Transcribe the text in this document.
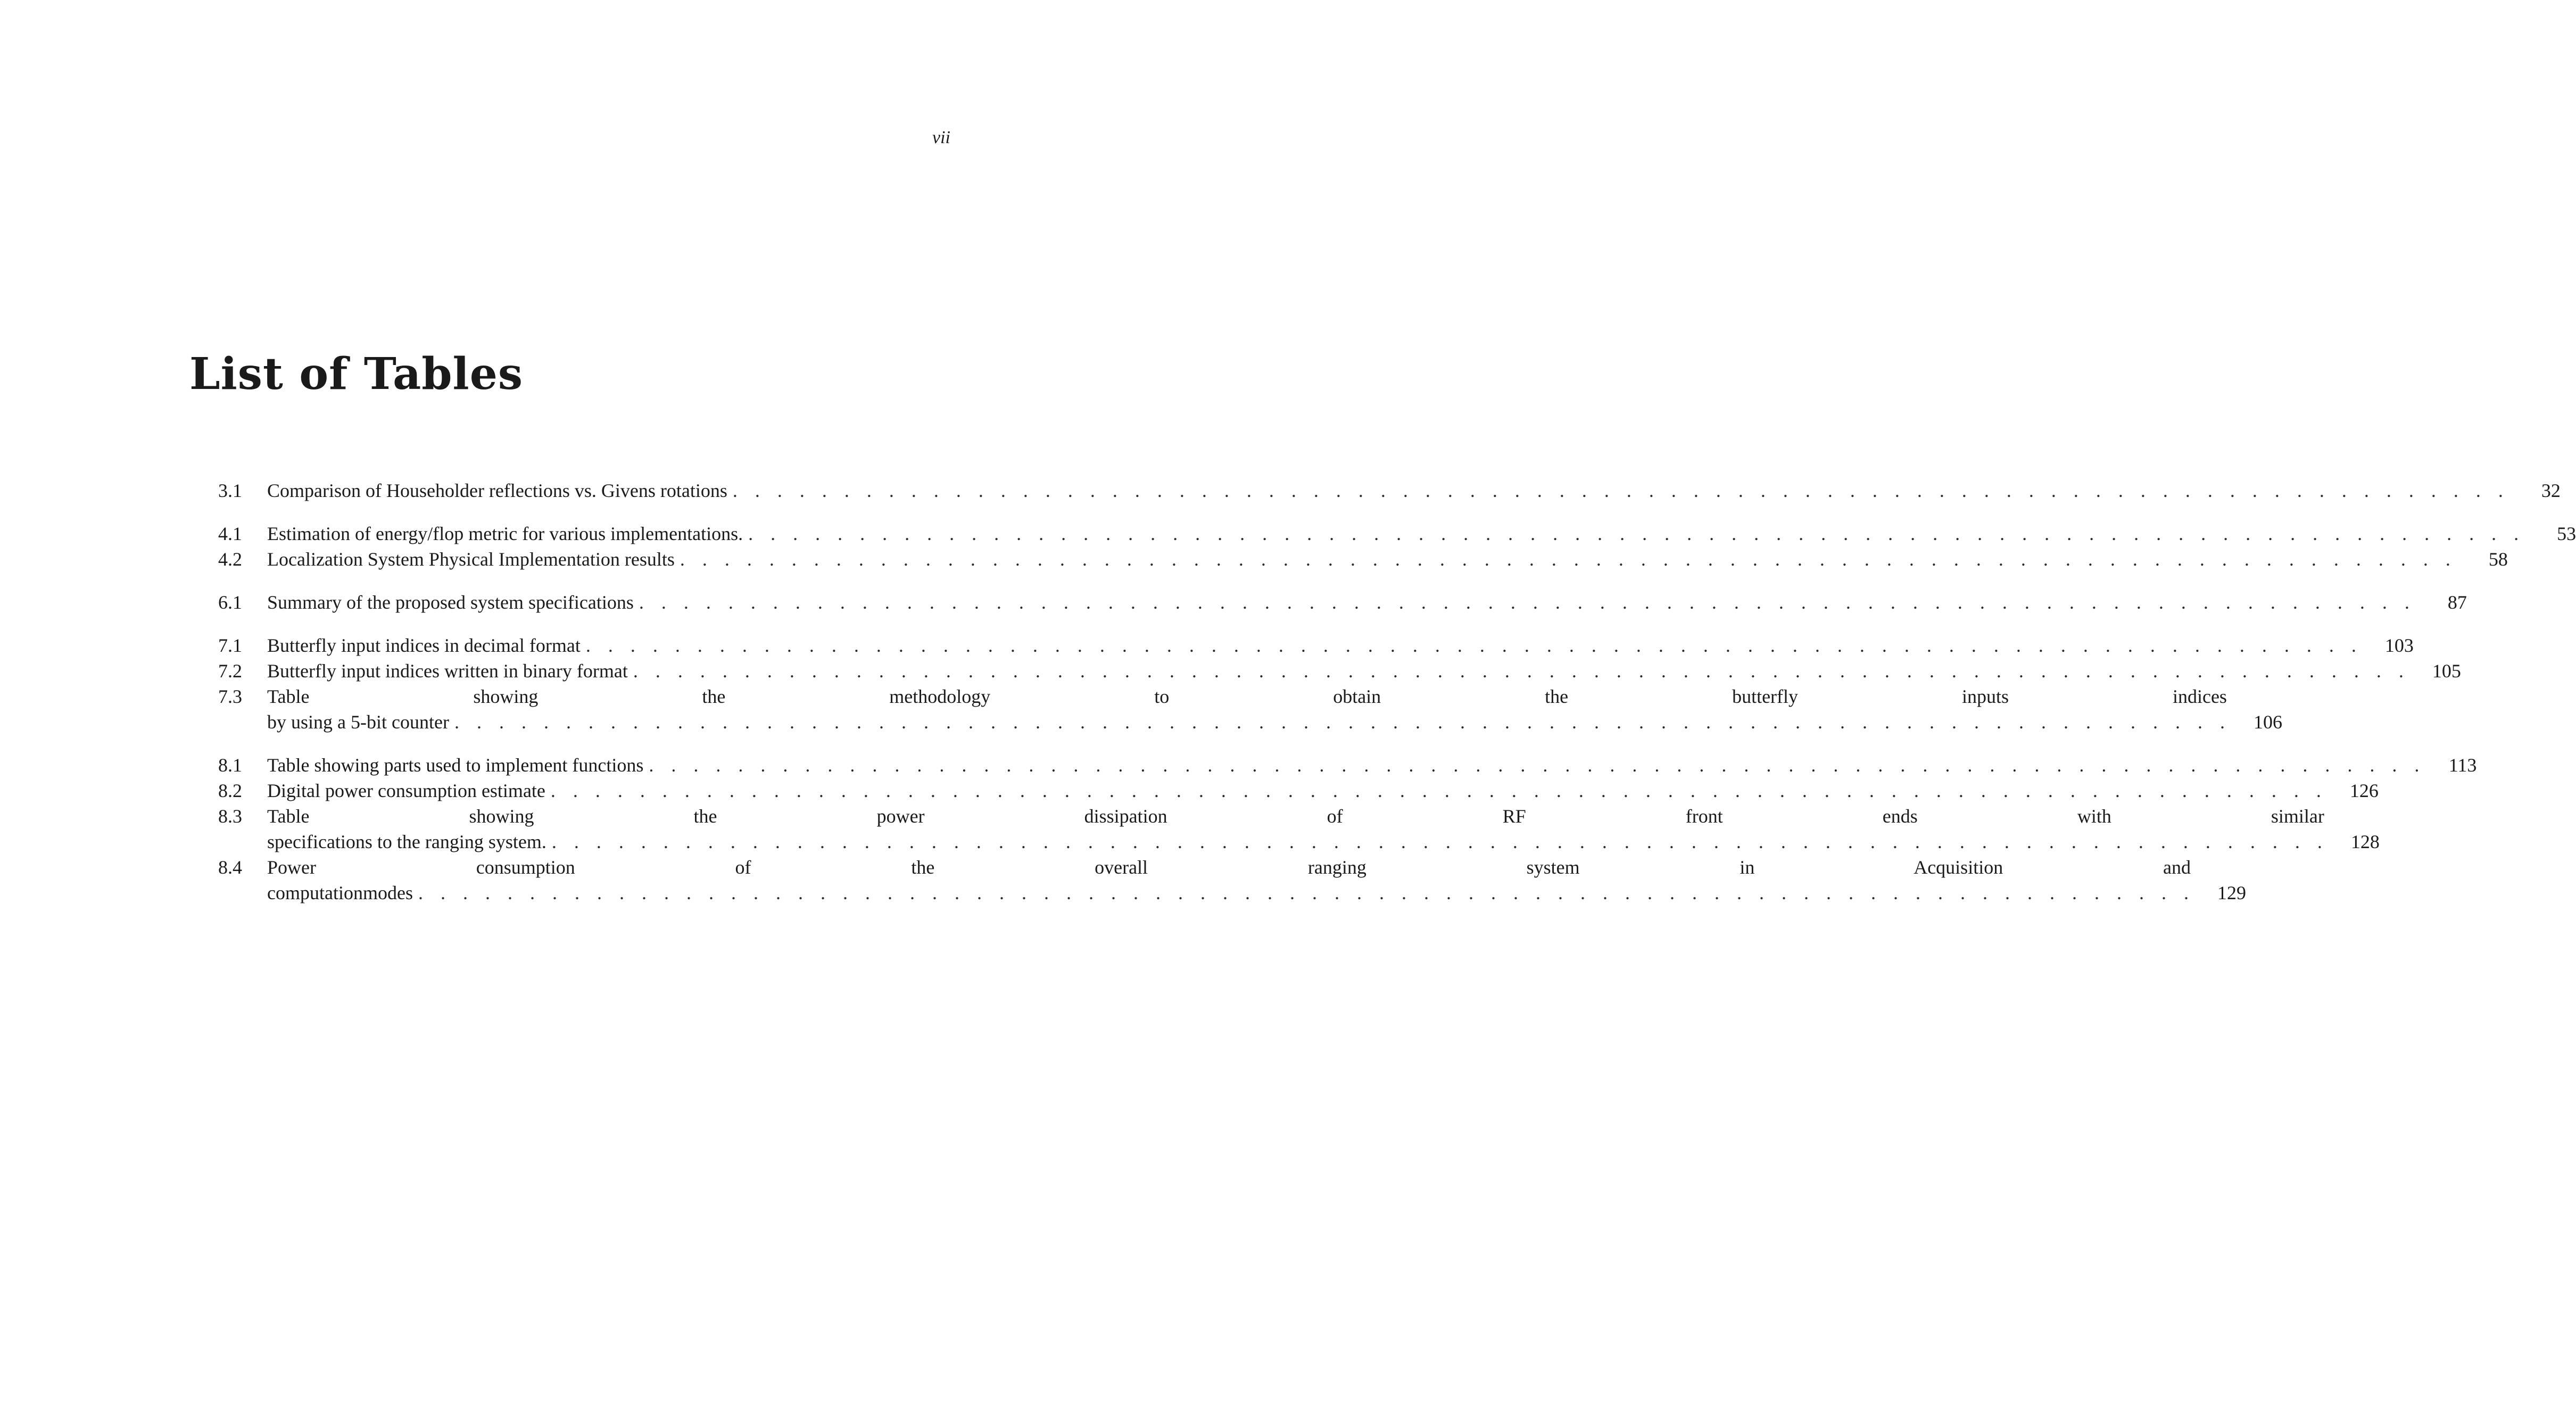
vii
List of Tables
3.1	Comparison of Householder reflections vs. Givens rotations . . . . . . . . . . . . . . . . . . . . . . . . . . . . . . . . . . . . . . . . . . . . . . . . . . . . . . . . . . . . . . . . . . . . . . . . . . . . . . . .	32
4.1	Estimation of energy/flop metric for various implementations. . . . . . . . . . . . . . . . . . . . . . . . . . . . . . . . . . . . . . . . . . . . . . . . . . . . . . . . . . . . . . . . . . . . . . . . . . . . . . . . .	53
4.2	Localization System Physical Implementation results . . . . . . . . . . . . . . . . . . . . . . . . . . . . . . . . . . . . . . . . . . . . . . . . . . . . . . . . . . . . . . . . . . . . . . . . . . . . . . . .	58
6.1	Summary of the proposed system specifications . . . . . . . . . . . . . . . . . . . . . . . . . . . . . . . . . . . . . . . . . . . . . . . . . . . . . . . . . . . . . . . . . . . . . . . . . . . . . . . .	87
7.1	Butterfly input indices in decimal format . . . . . . . . . . . . . . . . . . . . . . . . . . . . . . . . . . . . . . . . . . . . . . . . . . . . . . . . . . . . . . . . . . . . . . . . . . . . . . . .	103
7.2	Butterfly input indices written in binary format . . . . . . . . . . . . . . . . . . . . . . . . . . . . . . . . . . . . . . . . . . . . . . . . . . . . . . . . . . . . . . . . . . . . . . . . . . . . . . . .	105
7.3	Table showing the methodology to obtain the butterfly inputs indices
by using a 5-bit counter . . . . . . . . . . . . . . . . . . . . . . . . . . . . . . . . . . . . . . . . . . . . . . . . . . . . . . . . . . . . . . . . . . . . . . . . . . . . . . . .	106
8.1	Table showing parts used to implement functions . . . . . . . . . . . . . . . . . . . . . . . . . . . . . . . . . . . . . . . . . . . . . . . . . . . . . . . . . . . . . . . . . . . . . . . . . . . . . . . .	113
8.2	Digital power consumption estimate . . . . . . . . . . . . . . . . . . . . . . . . . . . . . . . . . . . . . . . . . . . . . . . . . . . . . . . . . . . . . . . . . . . . . . . . . . . . . . . .	126
8.3	Table showing the power dissipation of RF front ends with similar
specifications to the ranging system. . . . . . . . . . . . . . . . . . . . . . . . . . . . . . . . . . . . . . . . . . . . . . . . . . . . . . . . . . . . . . . . . . . . . . . . . . . . . . . . .	128
8.4	Power consumption of the overall ranging system in Acquisition and
computationmodes . . . . . . . . . . . . . . . . . . . . . . . . . . . . . . . . . . . . . . . . . . . . . . . . . . . . . . . . . . . . . . . . . . . . . . . . . . . . . . . .	129
